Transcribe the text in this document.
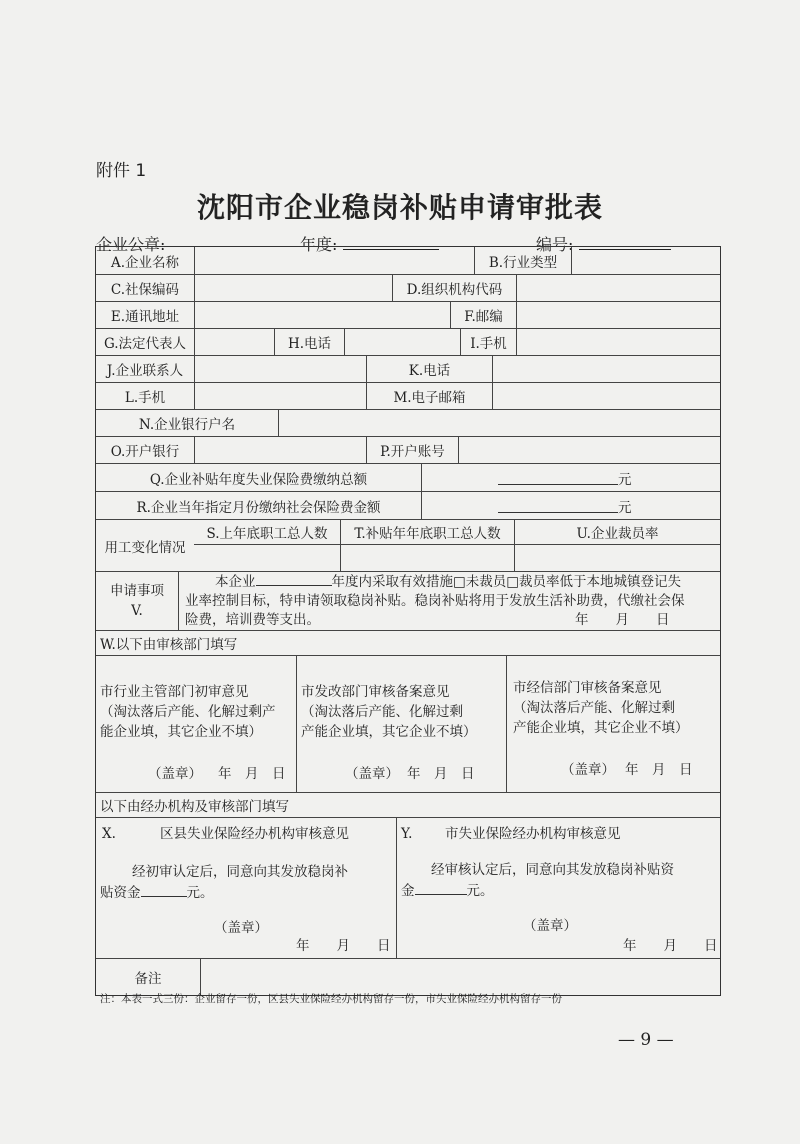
附件 1
沈阳市企业稳岗补贴申请审批表
企业公章:	年度:	编号:
A.企业名称	B.行业类型
C.社保编码	D.组织机构代码
E.通讯地址	F.邮编
G.法定代表人	H.电话	I.手机
J.企业联系人	K.电话
L.手机	M.电子邮箱
N.企业银行户名
O.开户银行	P.开户账号
Q.企业补贴年度失业保险费缴纳总额	元
R.企业当年指定月份缴纳社会保险费金额	元
用工变化情况
S.上年底职工总人数	T.补贴年年底职工总人数	U.企业裁员率
申请事项
V.
本企业	年度内采取有效措施□未裁员□裁员率低于本地城镇登记失
业率控制目标，特申请领取稳岗补贴。稳岗补贴将用于发放生活补助费，代缴社会保
险费，培训费等支出。	年　　月　　日
W.以下由审核部门填写
市行业主管部门初审意见
（淘汰落后产能、化解过剩产
能企业填，其它企业不填）
（盖章） 年　月　日
市发改部门审核备案意见
（淘汰落后产能、化解过剩
产能企业填，其它企业不填）
（盖章） 年　月　日
市经信部门审核备案意见
（淘汰落后产能、化解过剩
产能企业填，其它企业不填）
（盖章） 年　月　日
以下由经办机构及审核部门填写
X.	区县失业保险经办机构审核意见
经初审认定后，同意向其发放稳岗补
贴资金	元。
（盖章）
年　　月　　日
Y. 市失业保险经办机构审核意见
经审核认定后，同意向其发放稳岗补贴资
金	元。
（盖章）
年　　月　　日
备注
注：本表一式三份：企业留存一份，区县失业保险经办机构留存一份，市失业保险经办机构留存一份
— 9 —
